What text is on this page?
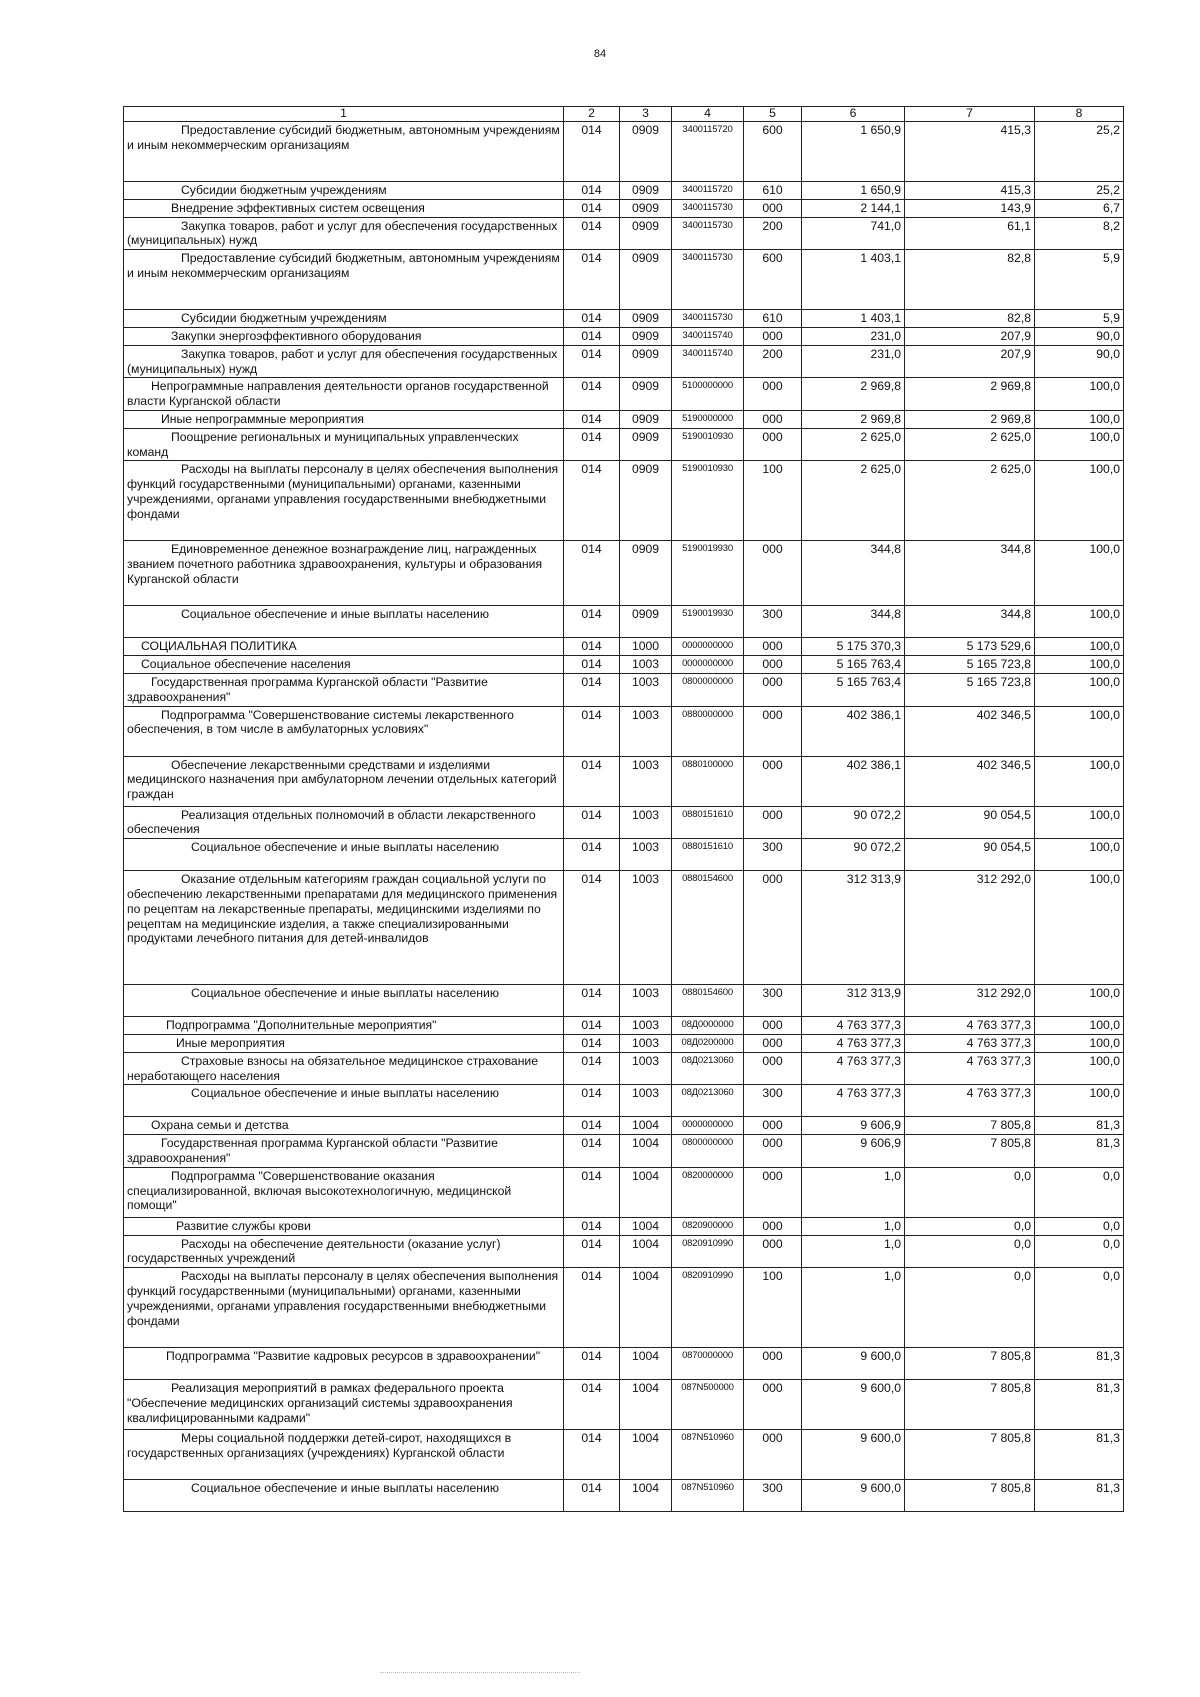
84
1	2	3	4	5	6	7	8
Предоставление субсидий бюджетным, автономным учреждениям и иным некоммерческим организациям	014	0909	3400115720	600	1 650,9	415,3	25,2
Субсидии бюджетным учреждениям	014	0909	3400115720	610	1 650,9	415,3	25,2
Внедрение эффективных систем освещения	014	0909	3400115730	000	2 144,1	143,9	6,7
Закупка товаров, работ и услуг для обеспечения государственных (муниципальных) нужд	014	0909	3400115730	200	741,0	61,1	8,2
Предоставление субсидий бюджетным, автономным учреждениям и иным некоммерческим организациям	014	0909	3400115730	600	1 403,1	82,8	5,9
Субсидии бюджетным учреждениям	014	0909	3400115730	610	1 403,1	82,8	5,9
Закупки энергоэффективного оборудования	014	0909	3400115740	000	231,0	207,9	90,0
Закупка товаров, работ и услуг для обеспечения государственных (муниципальных) нужд	014	0909	3400115740	200	231,0	207,9	90,0
Непрограммные направления деятельности органов государственной власти Курганской области	014	0909	5100000000	000	2 969,8	2 969,8	100,0
Иные непрограммные мероприятия	014	0909	5190000000	000	2 969,8	2 969,8	100,0
Поощрение региональных и муниципальных управленческих команд	014	0909	5190010930	000	2 625,0	2 625,0	100,0
Расходы на выплаты персоналу в целях обеспечения выполнения функций государственными (муниципальными) органами, казенными учреждениями, органами управления государственными внебюджетными фондами	014	0909	5190010930	100	2 625,0	2 625,0	100,0
Единовременное денежное вознаграждение лиц, награжденных званием почетного работника здравоохранения, культуры и образования Курганской области	014	0909	5190019930	000	344,8	344,8	100,0
Социальное обеспечение и иные выплаты населению	014	0909	5190019930	300	344,8	344,8	100,0
СОЦИАЛЬНАЯ ПОЛИТИКА	014	1000	0000000000	000	5 175 370,3	5 173 529,6	100,0
Социальное обеспечение населения	014	1003	0000000000	000	5 165 763,4	5 165 723,8	100,0
Государственная программа Курганской области "Развитие здравоохранения"	014	1003	0800000000	000	5 165 763,4	5 165 723,8	100,0
Подпрограмма "Совершенствование системы лекарственного обеспечения, в том числе в амбулаторных условиях"	014	1003	0880000000	000	402 386,1	402 346,5	100,0
Обеспечение лекарственными средствами и изделиями медицинского назначения при амбулаторном лечении отдельных категорий граждан	014	1003	0880100000	000	402 386,1	402 346,5	100,0
Реализация отдельных полномочий в области лекарственного обеспечения	014	1003	0880151610	000	90 072,2	90 054,5	100,0
Социальное обеспечение и иные выплаты населению	014	1003	0880151610	300	90 072,2	90 054,5	100,0
Оказание отдельным категориям граждан социальной услуги по обеспечению лекарственными препаратами для медицинского применения по рецептам на лекарственные препараты, медицинскими изделиями по рецептам на медицинские изделия, а также специализированными продуктами лечебного питания для детей-инвалидов	014	1003	0880154600	000	312 313,9	312 292,0	100,0
Социальное обеспечение и иные выплаты населению	014	1003	0880154600	300	312 313,9	312 292,0	100,0
Подпрограмма "Дополнительные мероприятия"	014	1003	08Д0000000	000	4 763 377,3	4 763 377,3	100,0
Иные мероприятия	014	1003	08Д0200000	000	4 763 377,3	4 763 377,3	100,0
Страховые взносы на обязательное медицинское страхование неработающего населения	014	1003	08Д0213060	000	4 763 377,3	4 763 377,3	100,0
Социальное обеспечение и иные выплаты населению	014	1003	08Д0213060	300	4 763 377,3	4 763 377,3	100,0
Охрана семьи и детства	014	1004	0000000000	000	9 606,9	7 805,8	81,3
Государственная программа Курганской области "Развитие здравоохранения"	014	1004	0800000000	000	9 606,9	7 805,8	81,3
Подпрограмма "Совершенствование оказания специализированной, включая высокотехнологичную, медицинской помощи"	014	1004	0820000000	000	1,0	0,0	0,0
Развитие службы крови	014	1004	0820900000	000	1,0	0,0	0,0
Расходы на обеспечение деятельности (оказание услуг) государственных учреждений	014	1004	0820910990	000	1,0	0,0	0,0
Расходы на выплаты персоналу в целях обеспечения выполнения функций государственными (муниципальными) органами, казенными учреждениями, органами управления государственными внебюджетными фондами	014	1004	0820910990	100	1,0	0,0	0,0
Подпрограмма "Развитие кадровых ресурсов в здравоохранении"	014	1004	0870000000	000	9 600,0	7 805,8	81,3
Реализация мероприятий в рамках федерального проекта "Обеспечение медицинских организаций системы здравоохранения квалифицированными кадрами"	014	1004	087N500000	000	9 600,0	7 805,8	81,3
Меры социальной поддержки детей-сирот, находящихся в государственных организациях (учреждениях) Курганской области	014	1004	087N510960	000	9 600,0	7 805,8	81,3
Социальное обеспечение и иные выплаты населению	014	1004	087N510960	300	9 600,0	7 805,8	81,3
